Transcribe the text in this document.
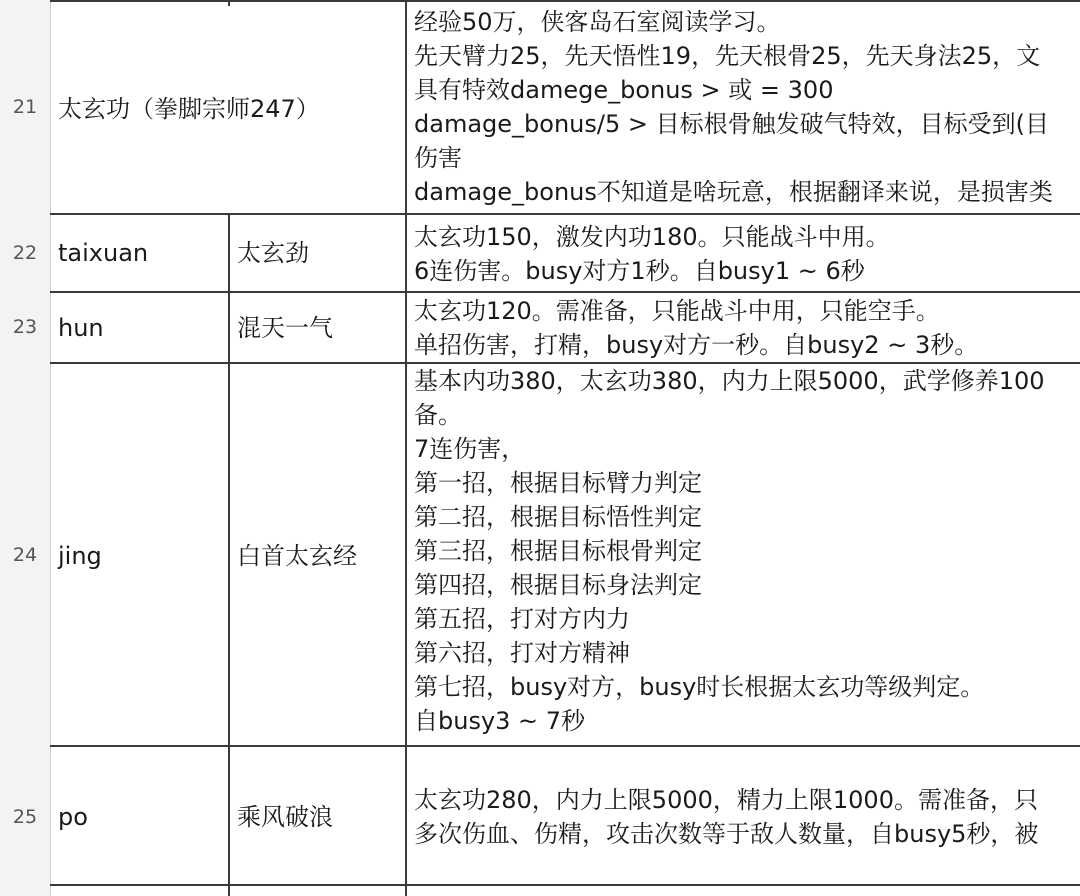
21 太玄功（拳脚宗师247）
经验50万，侠客岛石室阅读学习。
先天臂力25，先天悟性19，先天根骨25，先天身法25，文
具有特效damege_bonus > 或 = 300
damage_bonus/5 > 目标根骨触发破气特效，目标受到(目
伤害
damage_bonus不知道是啥玩意，根据翻译来说，是损害类
22 taixuan	太玄劲
太玄功150，激发内功180。只能战斗中用。
6连伤害。busy对方1秒。自busy1 ~ 6秒
23 hun	混天一气
太玄功120。需准备，只能战斗中用，只能空手。
单招伤害，打精，busy对方一秒。自busy2 ~ 3秒。
24 jing	白首太玄经
基本内功380，太玄功380，内力上限5000，武学修养100
备。
7连伤害，
第一招，根据目标臂力判定
第二招，根据目标悟性判定
第三招，根据目标根骨判定
第四招，根据目标身法判定
第五招，打对方内力
第六招，打对方精神
第七招，busy对方，busy时长根据太玄功等级判定。
自busy3 ~ 7秒
25 po	乘风破浪
太玄功280，内力上限5000，精力上限1000。需准备，只
多次伤血、伤精，攻击次数等于敌人数量，自busy5秒，被
